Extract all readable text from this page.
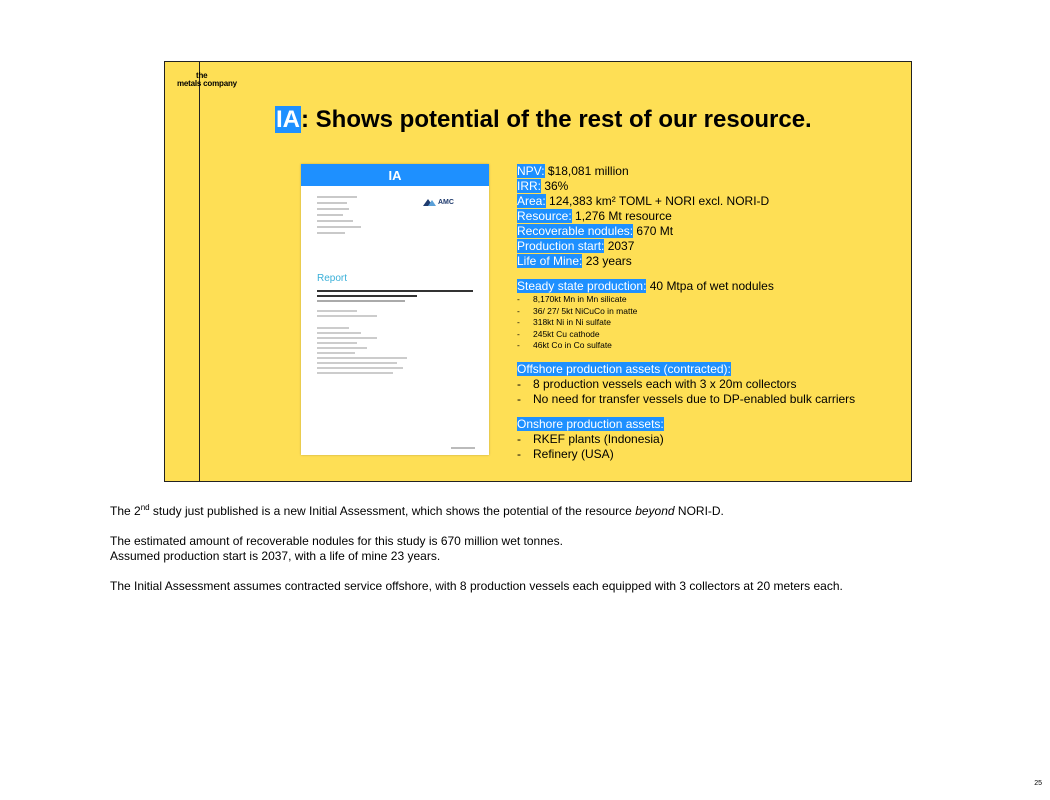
the
metals company
IA: Shows potential of the rest of our resource.
IA
AMC
Report
NPV: $18,081 million
IRR: 36%
Area: 124,383 km² TOML + NORI excl. NORI-D
Resource: 1,276 Mt resource
Recoverable nodules: 670 Mt
Production start: 2037
Life of Mine: 23 years
Steady state production: 40 Mtpa of wet nodules
-	8,170kt Mn in Mn silicate
-	36/ 27/ 5kt NiCuCo in matte
-	318kt Ni in Ni sulfate
-	245kt Cu cathode
-	46kt Co in Co sulfate
Offshore production assets (contracted):
-	8 production vessels each with 3 x 20m collectors
-	No need for transfer vessels due to DP-enabled bulk carriers
Onshore production assets:
-	RKEF plants (Indonesia)
-	Refinery (USA)

The 2nd study just published is a new Initial Assessment, which shows the potential of the resource beyond NORI-D.

The estimated amount of recoverable nodules for this study is 670 million wet tonnes.

Assumed production start is 2037, with a life of mine 23 years.

The Initial Assessment assumes contracted service offshore, with 8 production vessels each equipped with 3 collectors at 20 meters each.

25
